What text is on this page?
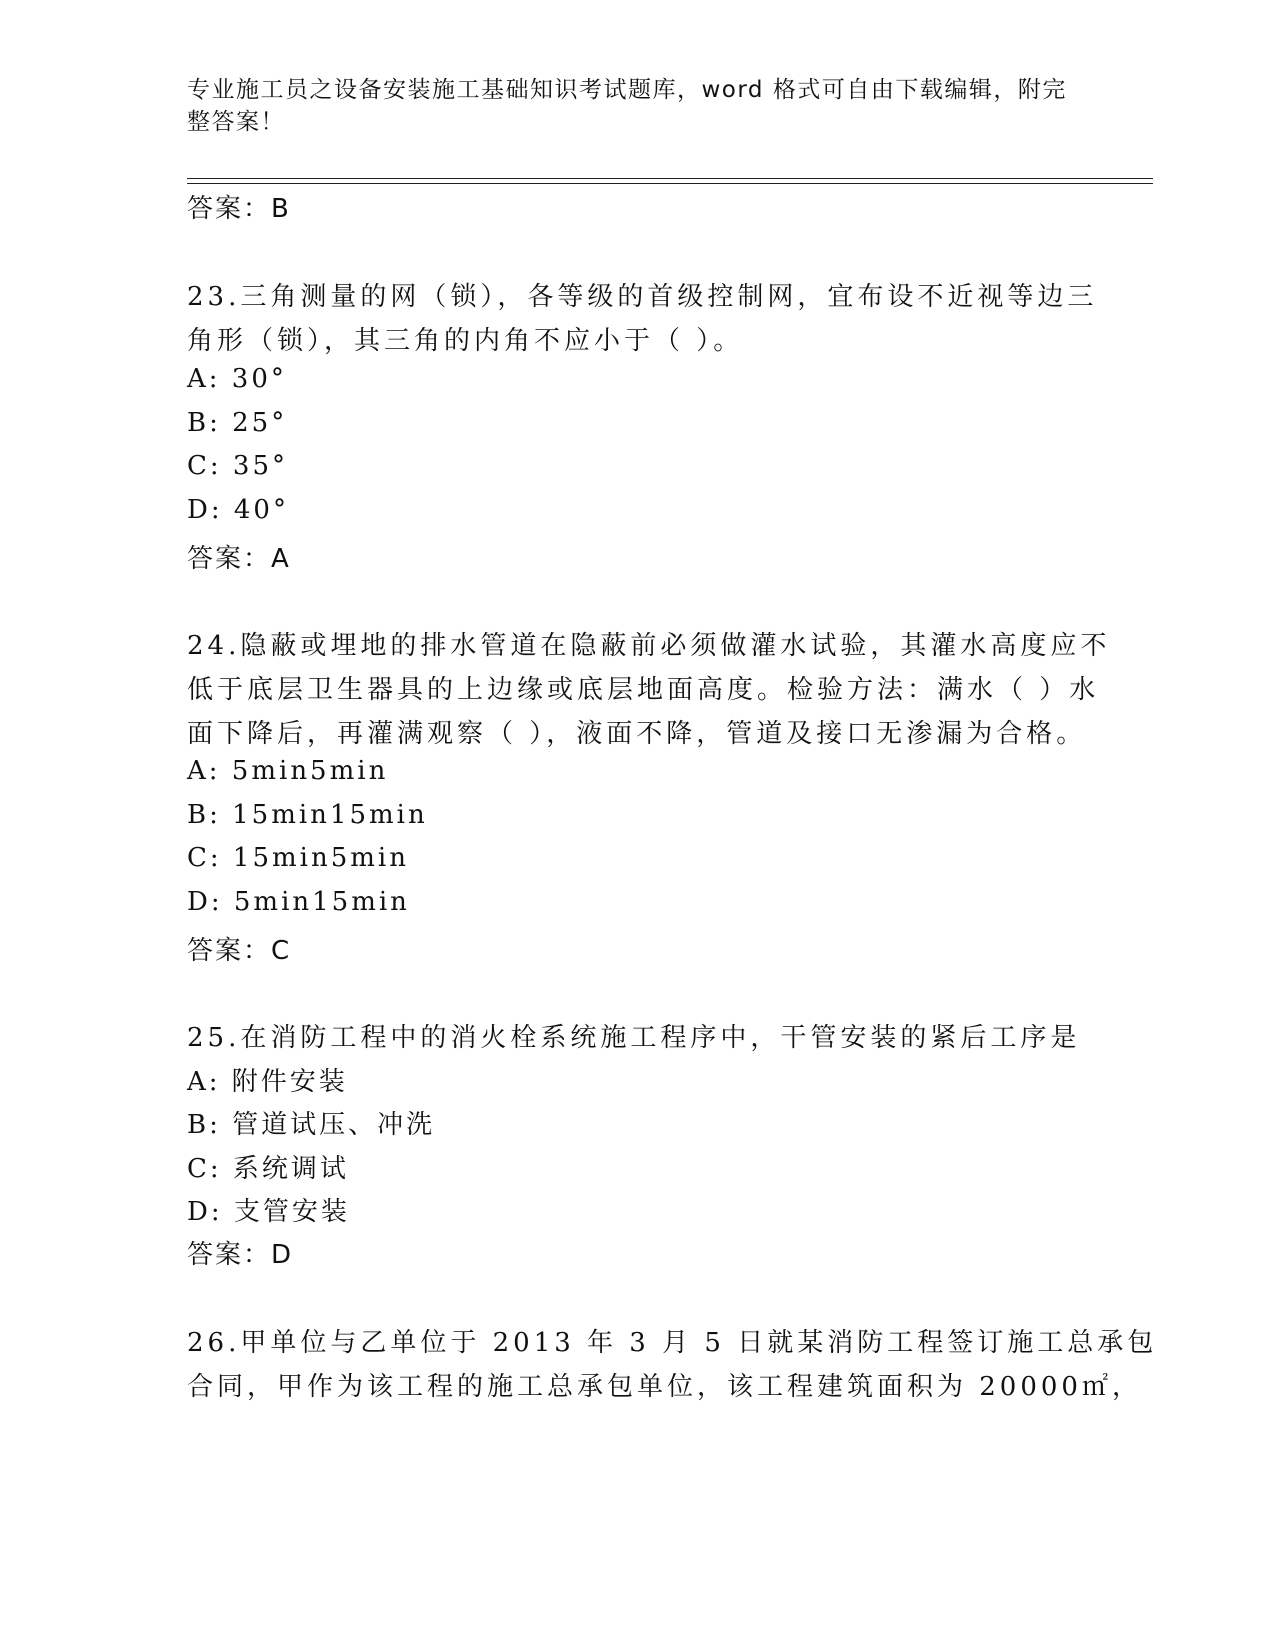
专业施工员之设备安装施工基础知识考试题库，word 格式可自由下载编辑，附完
整答案！
答案：B
23.三角测量的网（锁），各等级的首级控制网，宜布设不近视等边三
角形（锁），其三角的内角不应小于（ ）。
A: 30°
B: 25°
C: 35°
D: 40°
答案：A
24.隐蔽或埋地的排水管道在隐蔽前必须做灌水试验，其灌水高度应不
低于底层卫生器具的上边缘或底层地面高度。检验方法：满水（ ）水
面下降后，再灌满观察（ ），液面不降，管道及接口无渗漏为合格。
A: 5min5min
B: 15min15min
C: 15min5min
D: 5min15min
答案：C
25.在消防工程中的消火栓系统施工程序中，干管安装的紧后工序是
A: 附件安装
B: 管道试压、冲洗
C: 系统调试
D: 支管安装
答案：D
26.甲单位与乙单位于 2013 年 3 月 5 日就某消防工程签订施工总承包
合同，甲作为该工程的施工总承包单位，该工程建筑面积为 20000㎡，
